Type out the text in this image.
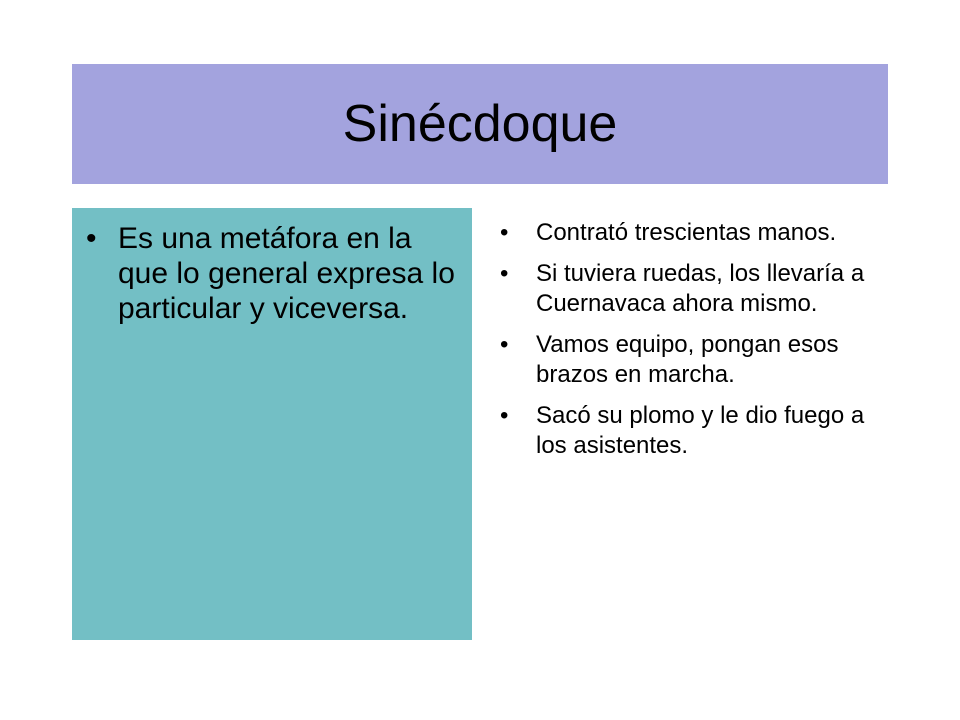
Sinécdoque
• Es una metáfora en la que lo general expresa lo particular y viceversa.
• Contrató trescientas manos.
• Si tuviera ruedas, los llevaría a Cuernavaca ahora mismo.
• Vamos equipo, pongan esos brazos en marcha.
• Sacó su plomo y le dio fuego a los asistentes.
